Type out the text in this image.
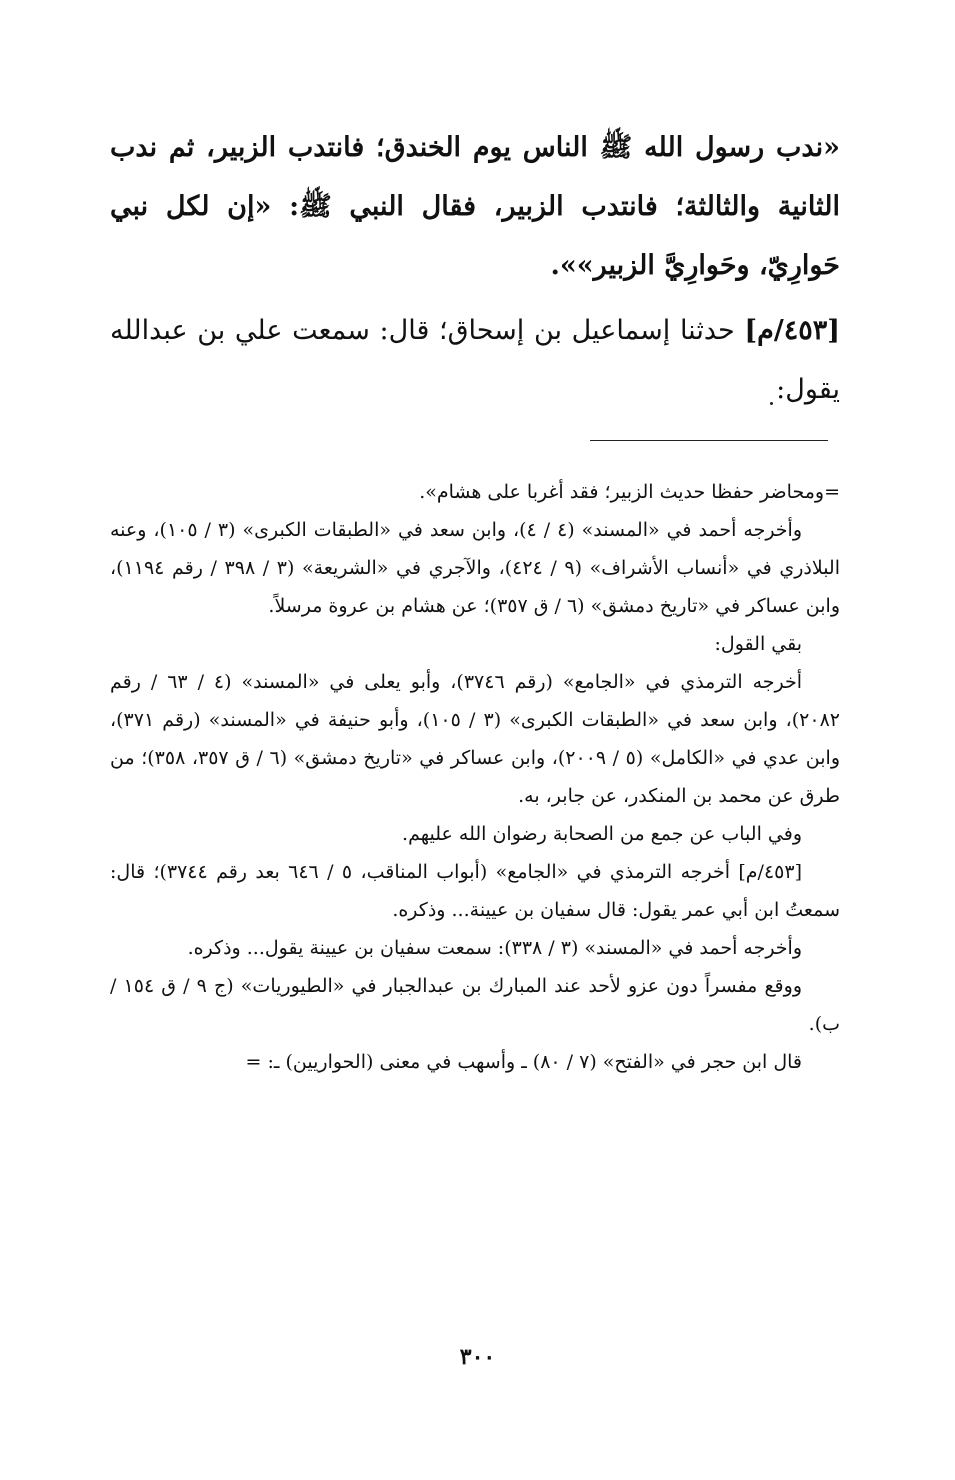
«ندب رسول الله ﷺ الناس يوم الخندق؛ فانتدب الزبير، ثم ندب الثانية والثالثة؛ فانتدب الزبير، فقال النبي ﷺ: «إن لكل نبي حَوارِيّ، وحَوارِيَّ الزبير»».

[٤٥٣/م] حدثنا إسماعيل بن إسحاق؛ قال: سمعت علي بن عبدالله يقول:

=ومحاضر حفظا حديث الزبير؛ فقد أغربا على هشام».

وأخرجه أحمد في «المسند» (٤ / ٤)، وابن سعد في «الطبقات الكبرى» (٣ / ١٠٥)، وعنه البلاذري في «أنساب الأشراف» (٩ / ٤٢٤)، والآجري في «الشريعة» (٣ / ٣٩٨ / رقم ١١٩٤)، وابن عساكر في «تاريخ دمشق» (٦ / ق ٣٥٧)؛ عن هشام بن عروة مرسلاً.

بقي القول:

أخرجه الترمذي في «الجامع» (رقم ٣٧٤٦)، وأبو يعلى في «المسند» (٤ / ٦٣ / رقم ٢٠٨٢)، وابن سعد في «الطبقات الكبرى» (٣ / ١٠٥)، وأبو حنيفة في «المسند» (رقم ٣٧١)، وابن عدي في «الكامل» (٥ / ٢٠٠٩)، وابن عساكر في «تاريخ دمشق» (٦ / ق ٣٥٧، ٣٥٨)؛ من طرق عن محمد بن المنكدر، عن جابر، به.

وفي الباب عن جمع من الصحابة رضوان الله عليهم.

[٤٥٣/م] أخرجه الترمذي في «الجامع» (أبواب المناقب، ٥ / ٦٤٦ بعد رقم ٣٧٤٤)؛ قال: سمعتُ ابن أبي عمر يقول: قال سفيان بن عيينة... وذكره.

وأخرجه أحمد في «المسند» (٣ / ٣٣٨): سمعت سفيان بن عيينة يقول... وذكره.

ووقع مفسراً دون عزو لأحد عند المبارك بن عبدالجبار في «الطيوريات» (ج ٩ / ق ١٥٤ / ب).

قال ابن حجر في «الفتح» (٧ / ٨٠) ـ وأسهب في معنى (الحواريين) ـ: =

٣٠٠
